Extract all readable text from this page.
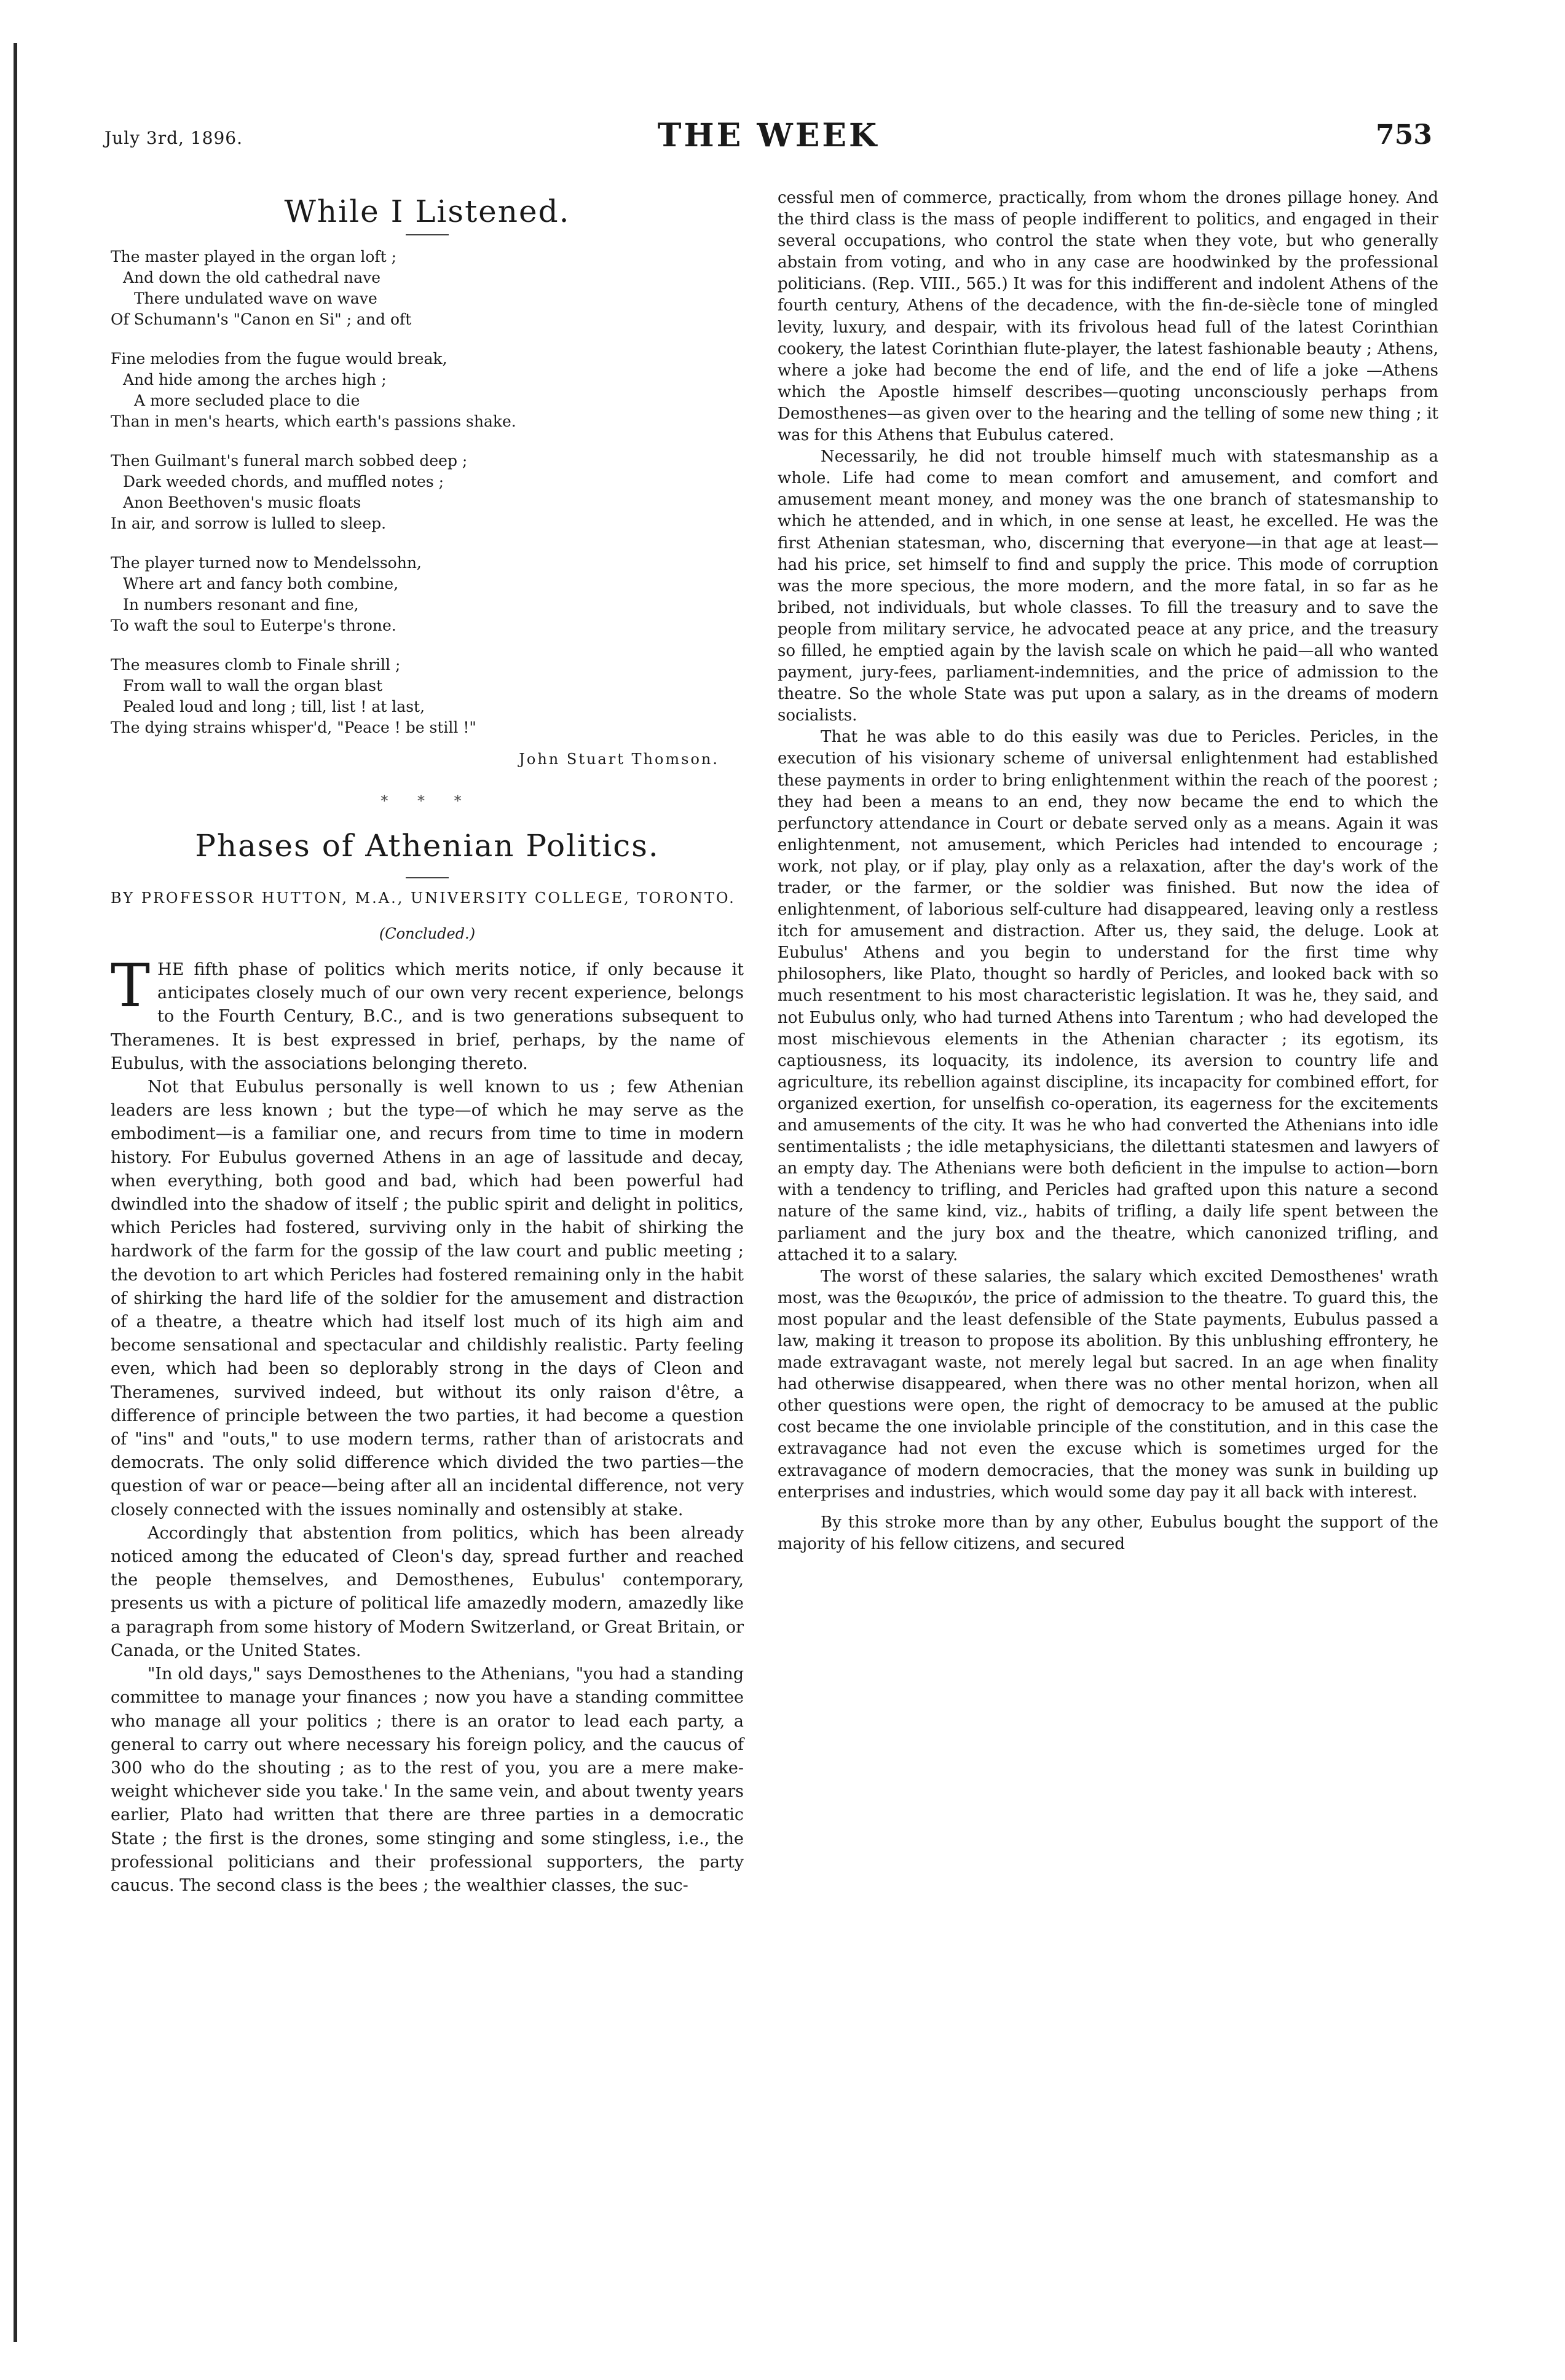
July 3rd, 1896.	THE WEEK	753
While I Listened.
The master played in the organ loft ;
And down the old cathedral nave
There undulated wave on wave
Of Schumann's "Canon en Si" ; and oft
Fine melodies from the fugue would break,
And hide among the arches high ;
A more secluded place to die
Than in men's hearts, which earth's passions shake.
Then Guilmant's funeral march sobbed deep ;
Dark weeded chords, and muffled notes ;
Anon Beethoven's music floats
In air, and sorrow is lulled to sleep.
The player turned now to Mendelssohn,
Where art and fancy both combine,
In numbers resonant and fine,
To waft the soul to Euterpe's throne.
The measures clomb to Finale shrill ;
From wall to wall the organ blast
Pealed loud and long ; till, list ! at last,
The dying strains whisper'd, "Peace ! be still !"
John Stuart Thomson.
* * *
Phases of Athenian Politics.
BY PROFESSOR HUTTON, M.A., UNIVERSITY COLLEGE, TORONTO.
(Concluded.)

THE fifth phase of politics which merits notice, if only because it anticipates closely much of our own very recent experience, belongs to the Fourth Century, B.C., and is two generations subsequent to Theramenes. It is best expressed in brief, perhaps, by the name of Eubulus, with the associations belonging thereto.

Not that Eubulus personally is well known to us ; few Athenian leaders are less known ; but the type—of which he may serve as the embodiment—is a familiar one, and recurs from time to time in modern history. For Eubulus governed Athens in an age of lassitude and decay, when everything, both good and bad, which had been powerful had dwindled into the shadow of itself ; the public spirit and delight in politics, which Pericles had fostered, surviving only in the habit of shirking the hardwork of the farm for the gossip of the law court and public meeting ; the devotion to art which Pericles had fostered remaining only in the habit of shirking the hard life of the soldier for the amusement and distraction of a theatre, a theatre which had itself lost much of its high aim and become sensational and spectacular and childishly realistic. Party feeling even, which had been so deplorably strong in the days of Cleon and Theramenes, survived indeed, but without its only raison d'être, a difference of principle between the two parties, it had become a question of "ins" and "outs," to use modern terms, rather than of aristocrats and democrats. The only solid difference which divided the two parties—the question of war or peace—being after all an incidental difference, not very closely connected with the issues nominally and ostensibly at stake.

Accordingly that abstention from politics, which has been already noticed among the educated of Cleon's day, spread further and reached the people themselves, and Demosthenes, Eubulus' contemporary, presents us with a picture of political life amazedly modern, amazedly like a paragraph from some history of Modern Switzerland, or Great Britain, or Canada, or the United States.

"In old days," says Demosthenes to the Athenians, "you had a standing committee to manage your finances ; now you have a standing committee who manage all your politics ; there is an orator to lead each party, a general to carry out where necessary his foreign policy, and the caucus of 300 who do the shouting ; as to the rest of you, you are a mere make-weight whichever side you take.' In the same vein, and about twenty years earlier, Plato had written that there are three parties in a democratic State ; the first is the drones, some stinging and some stingless, i.e., the professional politicians and their professional supporters, the party caucus. The second class is the bees ; the wealthier classes, the suc-

cessful men of commerce, practically, from whom the drones pillage honey. And the third class is the mass of people indifferent to politics, and engaged in their several occupations, who control the state when they vote, but who generally abstain from voting, and who in any case are hoodwinked by the professional politicians. (Rep. VIII., 565.) It was for this indifferent and indolent Athens of the fourth century, Athens of the decadence, with the fin-de-siècle tone of mingled levity, luxury, and despair, with its frivolous head full of the latest Corinthian cookery, the latest Corinthian flute-player, the latest fashionable beauty ; Athens, where a joke had become the end of life, and the end of life a joke —Athens which the Apostle himself describes—quoting unconsciously perhaps from Demosthenes—as given over to the hearing and the telling of some new thing ; it was for this Athens that Eubulus catered.

Necessarily, he did not trouble himself much with statesmanship as a whole. Life had come to mean comfort and amusement, and comfort and amusement meant money, and money was the one branch of statesmanship to which he attended, and in which, in one sense at least, he excelled. He was the first Athenian statesman, who, discerning that everyone—in that age at least—had his price, set himself to find and supply the price. This mode of corruption was the more specious, the more modern, and the more fatal, in so far as he bribed, not individuals, but whole classes. To fill the treasury and to save the people from military service, he advocated peace at any price, and the treasury so filled, he emptied again by the lavish scale on which he paid—all who wanted payment, jury-fees, parliament-indemnities, and the price of admission to the theatre. So the whole State was put upon a salary, as in the dreams of modern socialists.

That he was able to do this easily was due to Pericles. Pericles, in the execution of his visionary scheme of universal enlightenment had established these payments in order to bring enlightenment within the reach of the poorest ; they had been a means to an end, they now became the end to which the perfunctory attendance in Court or debate served only as a means. Again it was enlightenment, not amusement, which Pericles had intended to encourage ; work, not play, or if play, play only as a relaxation, after the day's work of the trader, or the farmer, or the soldier was finished. But now the idea of enlightenment, of laborious self-culture had disappeared, leaving only a restless itch for amusement and distraction. After us, they said, the deluge. Look at Eubulus' Athens and you begin to understand for the first time why philosophers, like Plato, thought so hardly of Pericles, and looked back with so much resentment to his most characteristic legislation. It was he, they said, and not Eubulus only, who had turned Athens into Tarentum ; who had developed the most mischievous elements in the Athenian character ; its egotism, its captiousness, its loquacity, its indolence, its aversion to country life and agriculture, its rebellion against discipline, its incapacity for combined effort, for organized exertion, for unselfish co-operation, its eagerness for the excitements and amusements of the city. It was he who had converted the Athenians into idle sentimentalists ; the idle metaphysicians, the dilettanti statesmen and lawyers of an empty day. The Athenians were both deficient in the impulse to action—born with a tendency to trifling, and Pericles had grafted upon this nature a second nature of the same kind, viz., habits of trifling, a daily life spent between the parliament and the jury box and the theatre, which canonized trifling, and attached it to a salary.

The worst of these salaries, the salary which excited Demosthenes' wrath most, was the θεωρικόν, the price of admission to the theatre. To guard this, the most popular and the least defensible of the State payments, Eubulus passed a law, making it treason to propose its abolition. By this unblushing effrontery, he made extravagant waste, not merely legal but sacred. In an age when finality had otherwise disappeared, when there was no other mental horizon, when all other questions were open, the right of democracy to be amused at the public cost became the one inviolable principle of the constitution, and in this case the extravagance had not even the excuse which is sometimes urged for the extravagance of modern democracies, that the money was sunk in building up enterprises and industries, which would some day pay it all back with interest.

By this stroke more than by any other, Eubulus bought the support of the majority of his fellow citizens, and secured
